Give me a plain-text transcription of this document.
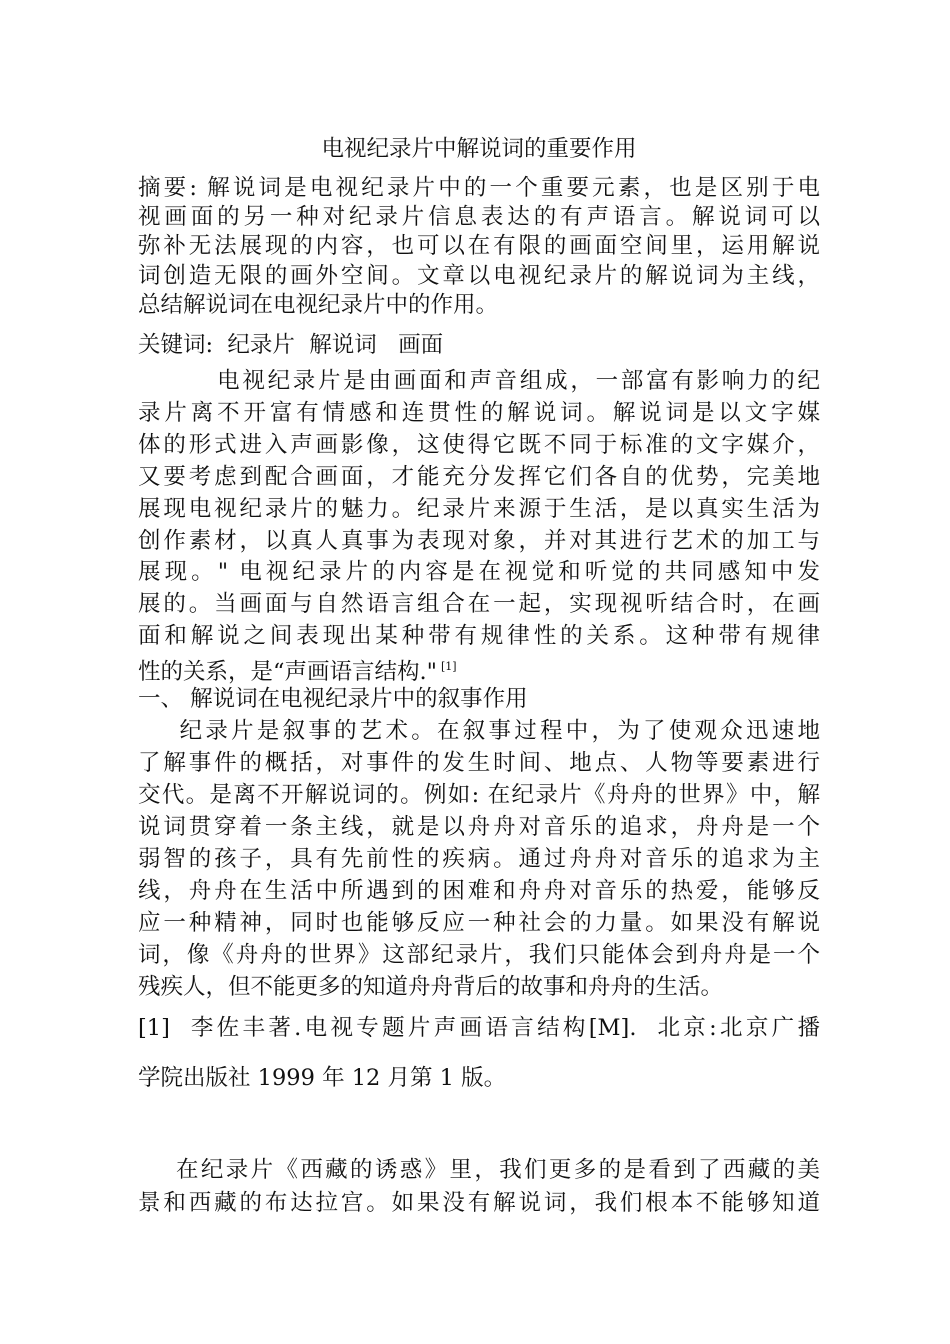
电视纪录片中解说词的重要作用
摘要: 解说词是电视纪录片中的一个重要元素，也是区别于电
视画面的另一种对纪录片信息表达的有声语言。解说词可以
弥补无法展现的内容，也可以在有限的画面空间里，运用解说
词创造无限的画外空间。文章以电视纪录片的解说词为主线，
总结解说词在电视纪录片中的作用。
关键词:  纪录片  解说词   画面
电视纪录片是由画面和声音组成，一部富有影响力的纪
录片离不开富有情感和连贯性的解说词。解说词是以文字媒
体的形式进入声画影像，这使得它既不同于标准的文字媒介，
又要考虑到配合画面，才能充分发挥它们各自的优势，完美地
展现电视纪录片的魅力。纪录片来源于生活，是以真实生活为
创作素材，以真人真事为表现对象，并对其进行艺术的加工与
展现。" 电视纪录片的内容是在视觉和听觉的共同感知中发
展的。当画面与自然语言组合在一起，实现视听结合时，在画
面和解说之间表现出某种带有规律性的关系。这种带有规律
性的关系，是“声画语言结构." [1]
一、 解说词在电视纪录片中的叙事作用
纪录片是叙事的艺术。在叙事过程中，为了使观众迅速地
了解事件的概括，对事件的发生时间、地点、人物等要素进行
交代。是离不开解说词的。例如: 在纪录片《舟舟的世界》中，解
说词贯穿着一条主线，就是以舟舟对音乐的追求，舟舟是一个
弱智的孩子，具有先前性的疾病。通过舟舟对音乐的追求为主
线，舟舟在生活中所遇到的困难和舟舟对音乐的热爱，能够反
应一种精神，同时也能够反应一种社会的力量。如果没有解说
词，像《舟舟的世界》这部纪录片，我们只能体会到舟舟是一个
残疾人，但不能更多的知道舟舟背后的故事和舟舟的生活。
[1]  李佐丰著.电视专题片声画语言结构[M].  北京:北京广播
学院出版社 1999 年 12 月第 1 版。
在纪录片《西藏的诱惑》里，我们更多的是看到了西藏的美
景和西藏的布达拉宫。如果没有解说词，我们根本不能够知道
